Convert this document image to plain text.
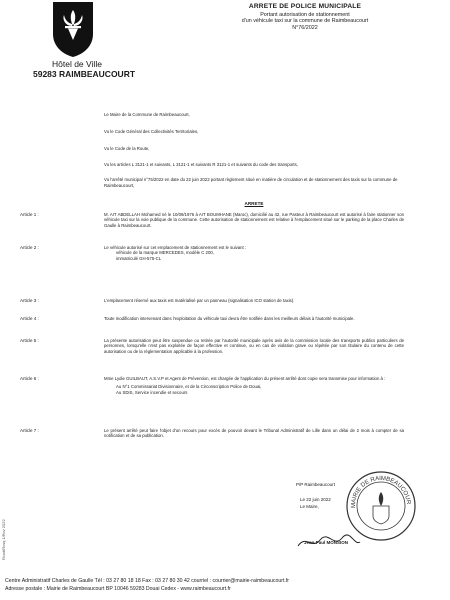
Hôtel de Ville
59283 RAIMBEAUCOURT
ARRETE DE POLICE MUNICIPALE
Portant autorisation de stationnement
d'un véhicule taxi sur la commune de Raimbeaucourt
N°76/2022
Le Maire de la Commune de Raimbeaucourt,
Vu le Code Général des Collectivités Territoriales,
Vu le Code de la Route,
Vu les articles L 3121-1 et suivants, L 3121-1 et suivants R 3121-1 et suivants du code des transports,
Vu l'arrêté municipal n°75/2022 en date du 22 juin 2022 portant règlement situé en matière de circulation et de stationnement des taxis sur la commune de Raimbeaucourt,
ARRETE
Article 1 :	M. AIT ABDELLAH Mohamed né le 10/09/1976 à AIT BOUMHANE (Maroc), domicilié au 42, rue Pasteur à Raimbeaucourt est autorisé à faire stationner son véhicule taxi sur la voie publique de la commune. Cette autorisation de stationnement est relative à l'emplacement situé sur le parking de la place Charles de Gaulle à Raimbeaucourt.
Article 2 :	Le véhicule autorisé sur cet emplacement de stationnement est le suivant :
véhicule de la marque MERCEDES, modèle C 200,
immatriculé GH-575-CL
Article 3 :	L'emplacement réservé aux taxis est matérialisé par un panneau (signalisation ICO station de taxis).
Article 4 :	Toute modification intervenant dans l'exploitation du véhicule taxi devra être notifiée dans les meilleurs délais à l'autorité municipale.
Article 5 :	La présente autorisation peut être suspendue ou retirée par l'autorité municipale après avis de la commission locale des transports publics particuliers de personnes, lorsqu'elle n'est pas exploitée de façon effective et continue, ou en cas de violation grave ou répétée par son titulaire du contenu de cette autorisation ou de la réglementation applicable à la profession.
Article 6 :	Mme Lydie GUILBAUT, A.S.V.P et Agent de Prévention, est chargée de l'application du présent arrêté dont copie sera transmise pour information à :
Au N°1 Commissariat Divisionnaire, et de la Circonscription Police de Douai,
Au SDIS, Service incendie et secours
Article 7 :	Le présent arrêté peut faire l'objet d'un recours pour excès de pouvoir devant le Tribunal Administratif de Lille dans un délai de 2 mois à compter de sa notification et de sa publication.
P/P Raimbeaucourt
Le 22 juin 2022
Le Maire,
Jean-Paul MONSION
MAIRIE DE RAIMBEAUCOUR
Centre Administratif Charles de Gaulle Tél : 03 27 80 18 18 Fax : 03 27 80 30 42 courriel : courrier@mairie-raimbeaucourt.fr
Adresse postale : Mairie de Raimbeaucourt BP 10046 59283 Douai Cedex - www.raimbeaucourt.fr
Rcvd/Rcsq 1/Rcv 2022
